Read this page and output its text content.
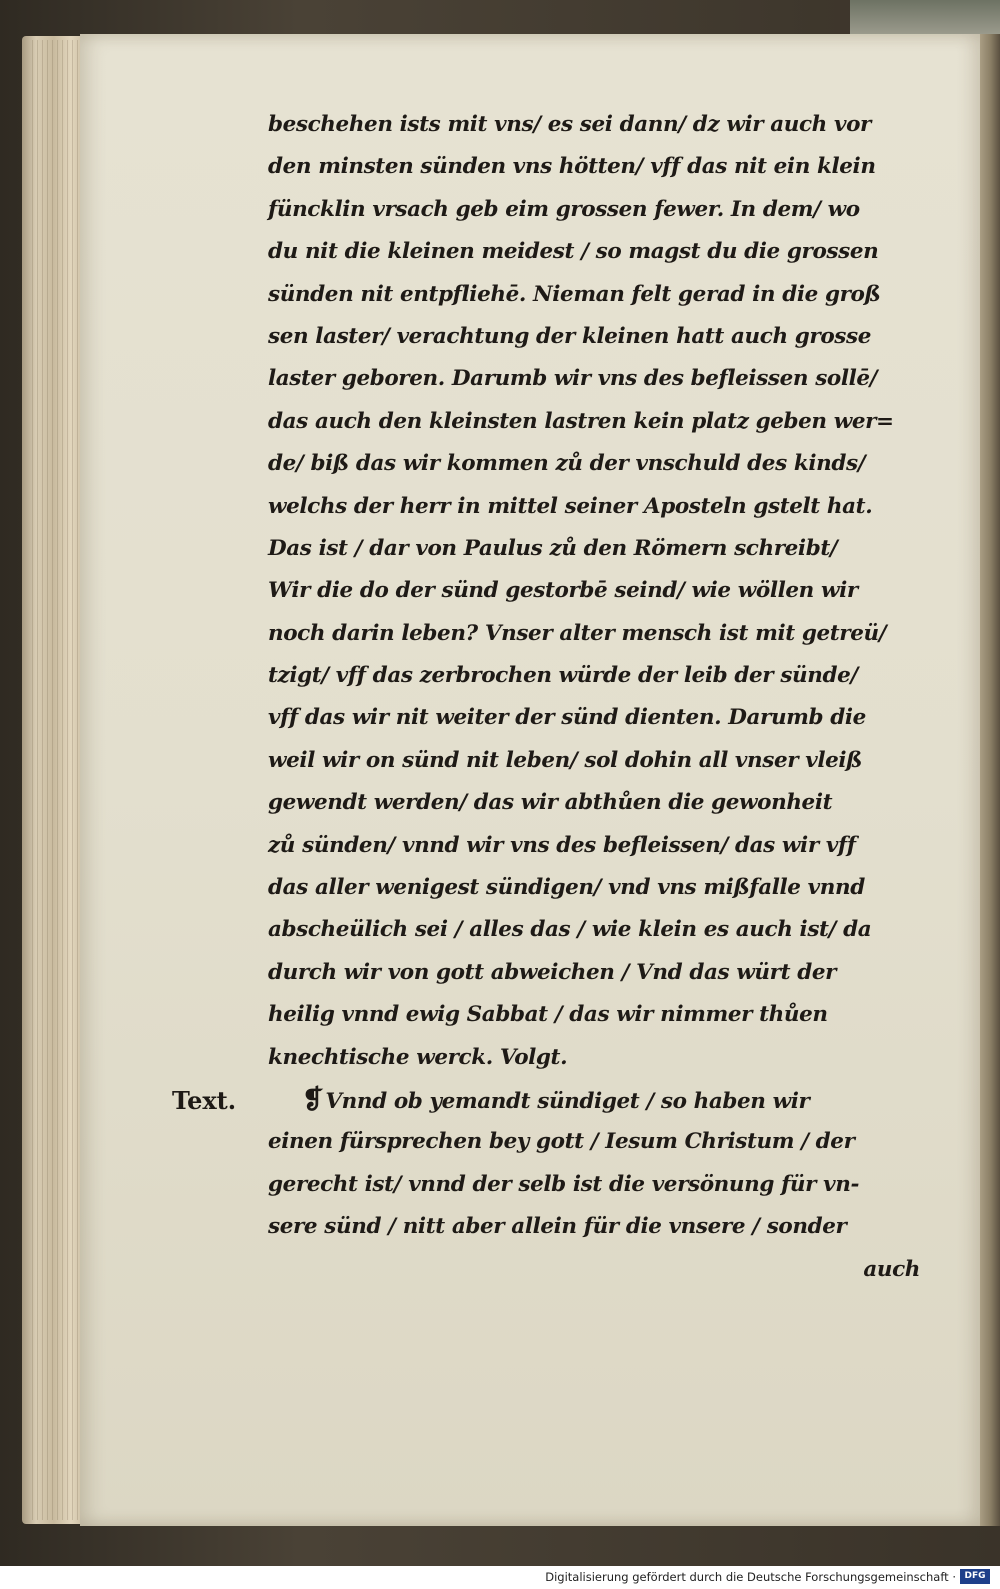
beschehen ists mit vns/ es sei dann/ dz wir auch vor
den minsten sünden vns hötten/ vff das nit ein klein
füncklin vrsach geb eim grossen fewer. In dem/ wo
du nit die kleinen meidest / so magst du die grossen
sünden nit entpfliehē. Nieman felt gerad in die groß
sen laster/ verachtung der kleinen hatt auch grosse
laster geboren. Darumb wir vns des befleissen sollē/
das auch den kleinsten lastren kein platz geben wer=
de/ biß das wir kommen zů der vnschuld des kinds/
welchs der herr in mittel seiner Aposteln gstelt hat.
Das ist / dar von Paulus zů den Römern schreibt/
Wir die do der sünd gestorbē seind/ wie wöllen wir
noch darin leben? Vnser alter mensch ist mit getreü/
tzigt/ vff das zerbrochen würde der leib der sünde/
vff das wir nit weiter der sünd dienten. Darumb die
weil wir on sünd nit leben/ sol dohin all vnser vleiß
gewendt werden/ das wir abthůen die gewonheit
zů sünden/ vnnd wir vns des befleissen/ das wir vff
das aller wenigest sündigen/ vnd vns mißfalle vnnd
abscheülich sei / alles das / wie klein es auch ist/ da
durch wir von gott abweichen / Vnd das würt der
heilig vnnd ewig Sabbat / das wir nimmer thůen
knechtische werck. Volgt.
❡Vnnd ob yemandt sündiget / so haben wir
einen fürsprechen bey gott / Iesum Christum / der
gerecht ist/ vnnd der selb ist die versönung für vn-
sere sünd / nitt aber allein für die vnsere / sonder
auch
Text.
Digitalisierung gefördert durch die Deutsche Forschungsgemeinschaft · DFG
